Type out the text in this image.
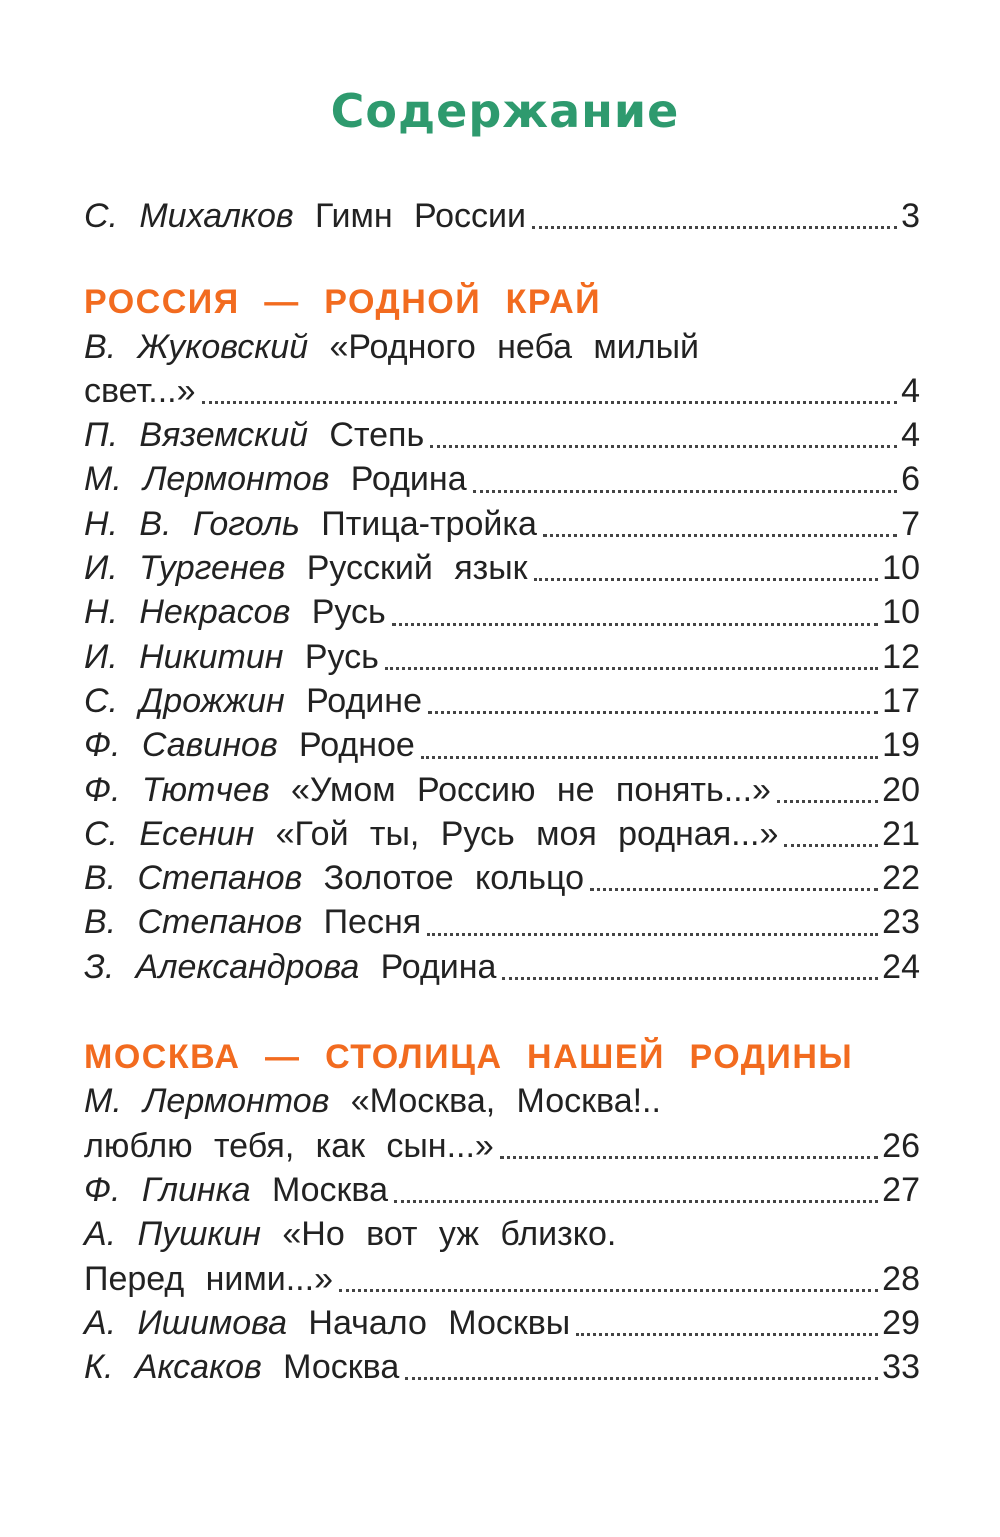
Содержание
С. Михалков Гимн России	3
РОССИЯ — РОДНОЙ КРАЙ
В. Жуковский «Родного неба милый
свет...»	4
П. Вяземский Степь	4
М. Лермонтов Родина	6
Н. В. Гоголь Птица-тройка	7
И. Тургенев Русский язык	10
Н. Некрасов Русь	10
И. Никитин Русь	12
С. Дрожжин Родине	17
Ф. Савинов Родное	19
Ф. Тютчев «Умом Россию не понять...»	20
С. Есенин «Гой ты, Русь моя родная...»	21
В. Степанов Золотое кольцо	22
В. Степанов Песня	23
З. Александрова Родина	24
МОСКВА — СТОЛИЦА НАШЕЙ РОДИНЫ
М. Лермонтов «Москва, Москва!..
люблю тебя, как сын...»	26
Ф. Глинка Москва	27
А. Пушкин «Но вот уж близко.
Перед ними...»	28
А. Ишимова Начало Москвы	29
К. Аксаков Москва	33
